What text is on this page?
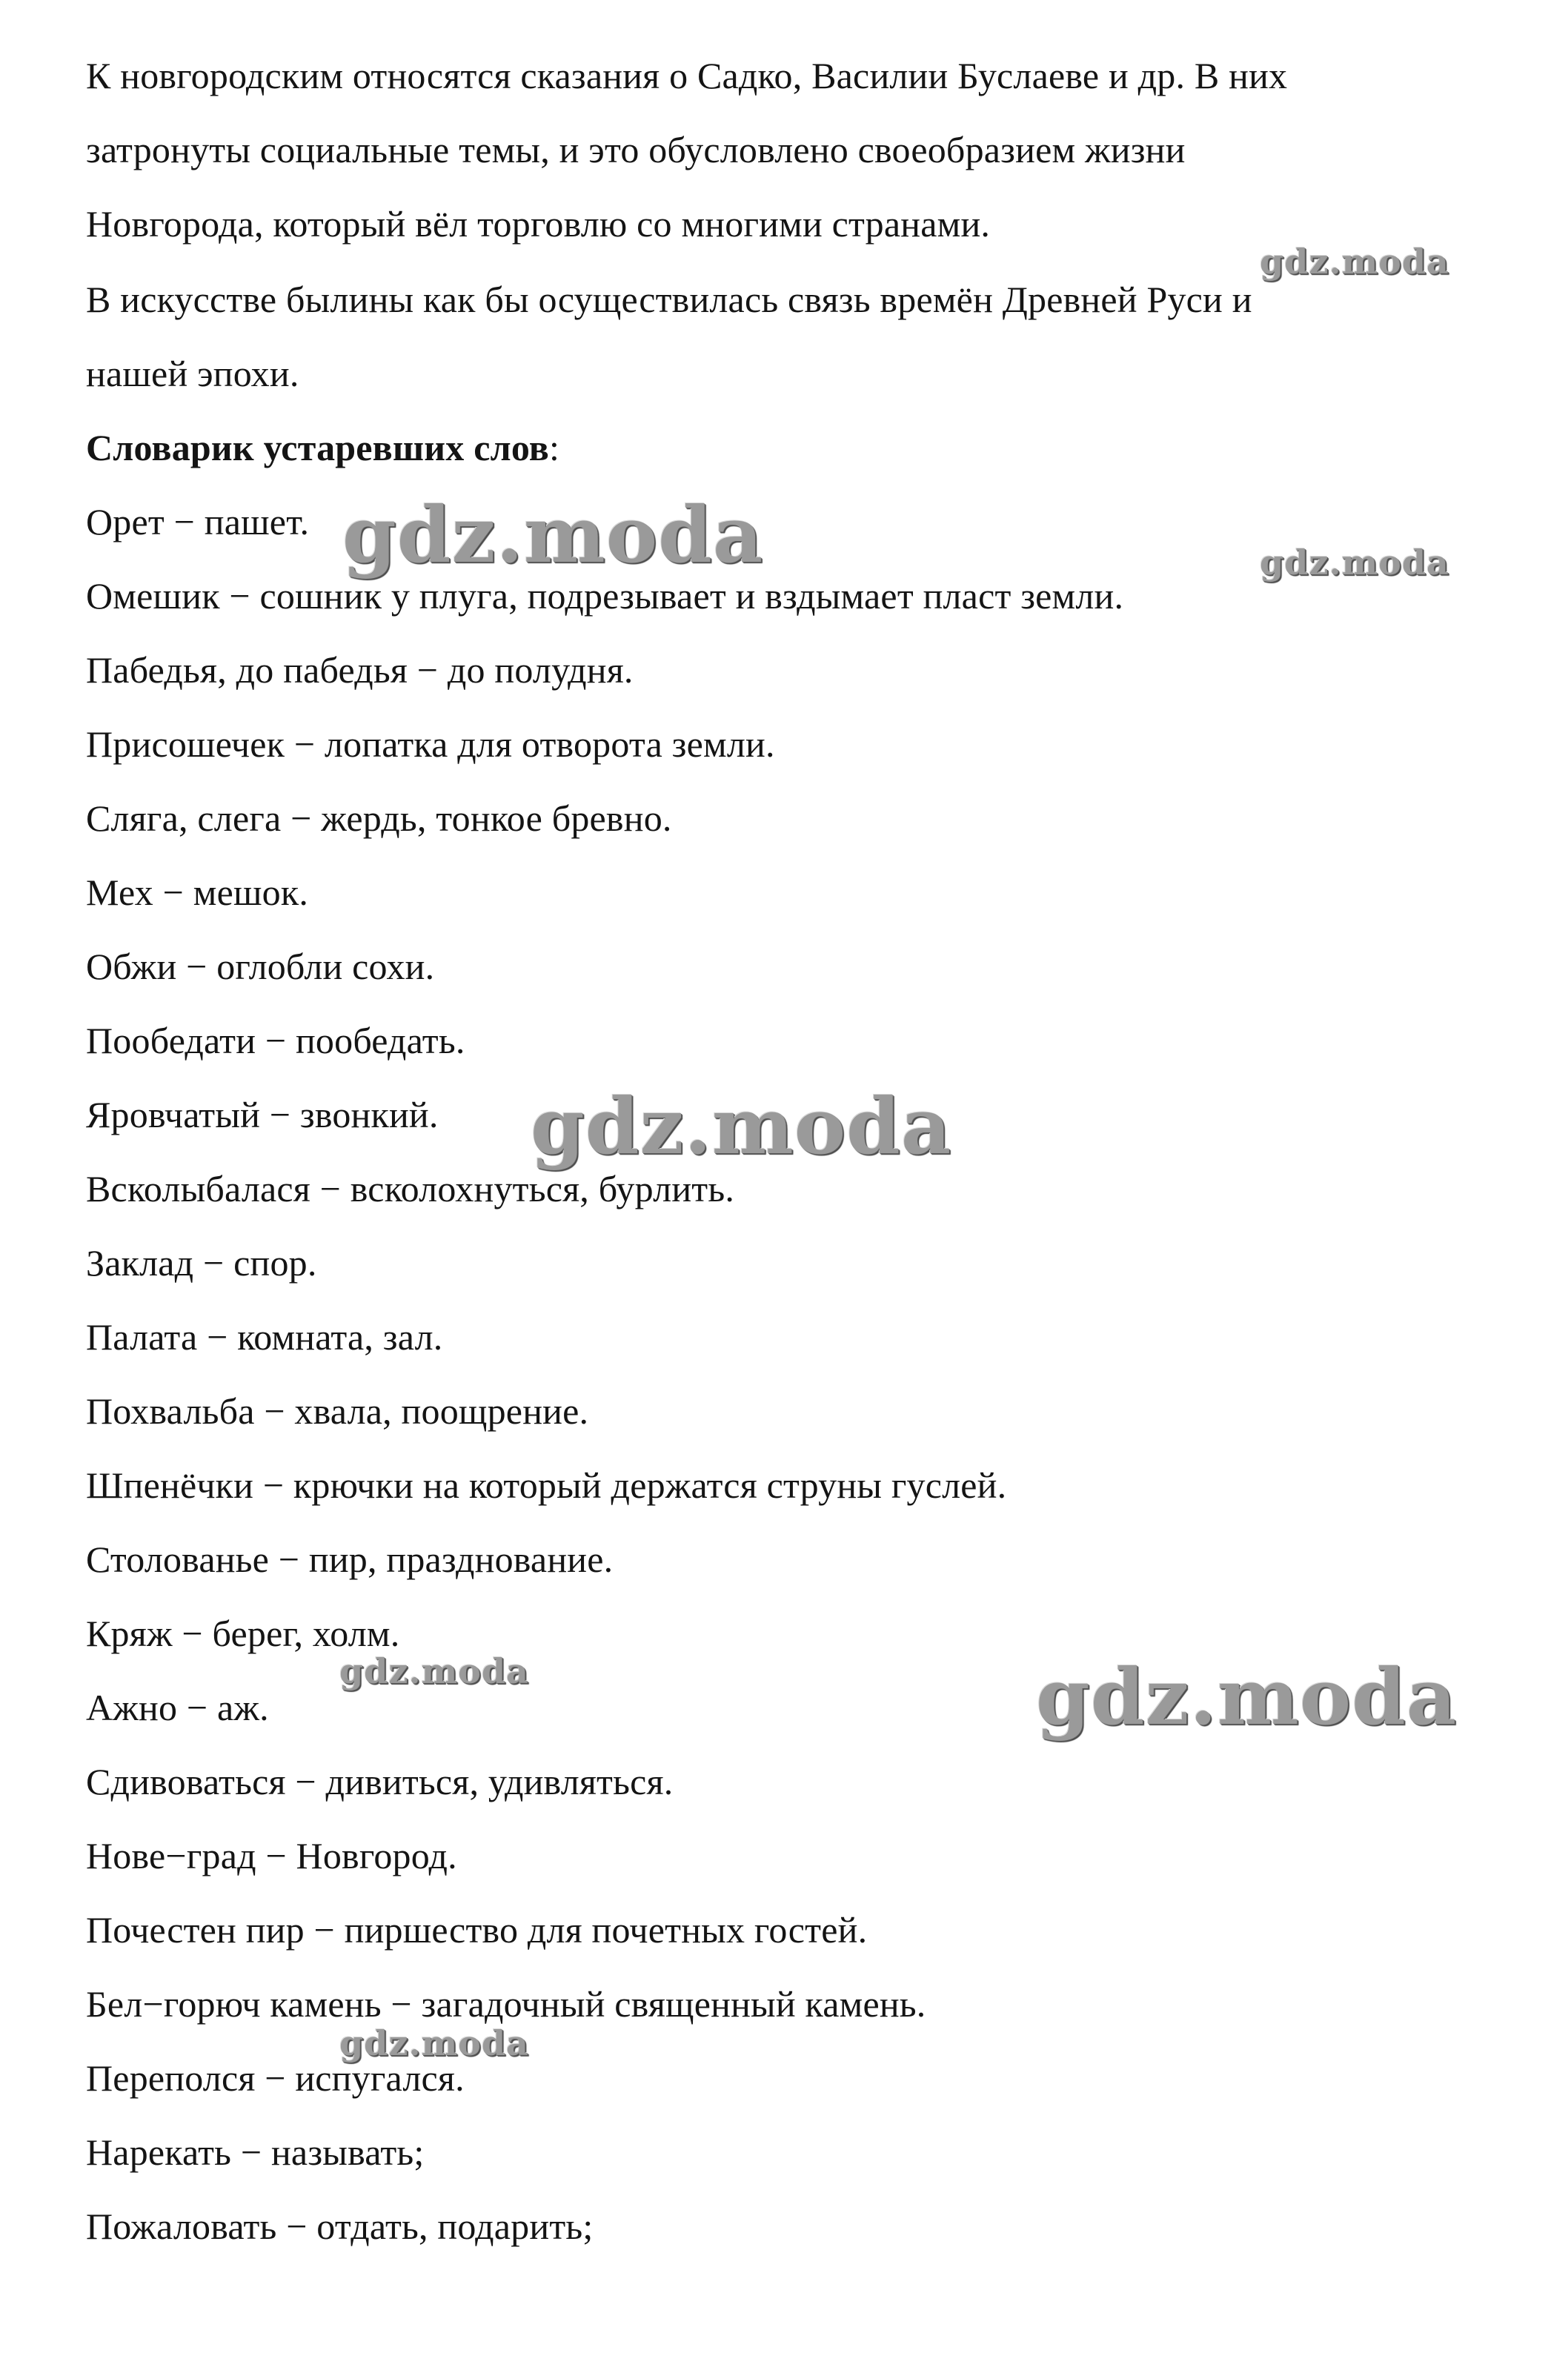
К новгородским относятся сказания о Садко, Василии Буслаеве и др. В них
затронуты социальные темы, и это обусловлено своеобразием жизни
Новгорода, который вёл торговлю со многими странами.
В искусстве былины как бы осуществилась связь времён Древней Руси и
нашей эпохи.
Словарик устаревших слов:
Орет − пашет.
Омешик − сошник у плуга, подрезывает и вздымает пласт земли.
Пабедья, до пабедья − до полудня.
Присошечек − лопатка для отворота земли.
Сляга, слега − жердь, тонкое бревно.
Мех − мешок.
Обжи − оглобли сохи.
Пообедати − пообедать.
Яровчатый − звонкий.
Всколыбалася − всколохнуться, бурлить.
Заклад − спор.
Палата − комната, зал.
Похвальба − хвала, поощрение.
Шпенёчки − крючки на который держатся струны гуслей.
Столованье − пир, празднование.
Кряж − берег, холм.
Ажно − аж.
Сдивоваться − дивиться, удивляться.
Нове−град − Новгород.
Почестен пир − пиршество для почетных гостей.
Бел−горюч камень − загадочный священный камень.
Переполся − испугался.
Нарекать − называть;
Пожаловать − отдать, подарить;
gdz.moda
gdz.moda	gdz.moda
gdz.moda
gdz.moda	gdz.moda
gdz.moda
